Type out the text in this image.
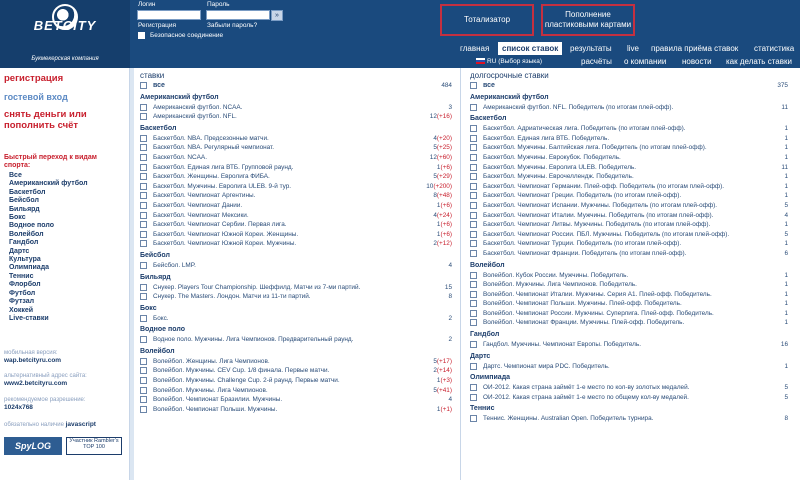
BETCITY
Букмекерская компания
Логин	Пароль
»
Регистрация	Забыли пароль?
Безопасное соединение
Тотализатор
Пополнение пластиковыми картами
главная	список ставок	результаты live правила приёма ставок статистика
RU (Выбор языка)	расчёты о компании новости как делать ставки
регистрация
гостевой вход
снять деньги или пополнить счёт
Быстрый переход к видам спорта:
Все
Американский футбол
Баскетбол
Бейсбол
Бильярд
Бокс
Водное поло
Волейбол
Гандбол
Дартс
Культура
Олимпиада
Теннис
Флорбол
Футбол
Футзал
Хоккей
Live-ставки
мобильная версия:
wap.betcityru.com
альтернативный адрес сайта:
www2.betcityru.com
рекомендуемое разрешение:
1024x768
обязательно наличие javascript
SpyLOG	Участник Rambler's TOP 100
ставки
все	484
Американский футбол
Американский футбол. NCAA.	3
Американский футбол. NFL.	12(+16)
Баскетбол
Баскетбол. NBA. Предсезонные матчи.	4(+20)
Баскетбол. NBA. Регулярный чемпионат.	5(+25)
Баскетбол. NCAA.	12(+60)
Баскетбол. Единая лига ВТБ. Групповой раунд.	1(+6)
Баскетбол. Женщины. Евролига ФИБА.	5(+29)
Баскетбол. Мужчины. Евролига ULEB. 9-й тур.	10(+200)
Баскетбол. Чемпионат Аргентины.	8(+48)
Баскетбол. Чемпионат Дании.	1(+6)
Баскетбол. Чемпионат Мексики.	4(+24)
Баскетбол. Чемпионат Сербии. Первая лига.	1(+6)
Баскетбол. Чемпионат Южной Кореи. Женщины.	1(+6)
Баскетбол. Чемпионат Южной Кореи. Мужчины.	2(+12)
Бейсбол
Бейсбол. LMP.	4
Бильярд
Снукер. Players Tour Championship. Шеффилд. Матчи из 7-ми партий.	15
Снукер. The Masters. Лондон. Матчи из 11-ти партий.	8
Бокс
Бокс.	2
Водное поло
Водное поло. Мужчины. Лига Чемпионов. Предварительный раунд.	2
Волейбол
Волейбол. Женщины. Лига Чемпионов.	5(+17)
Волейбол. Мужчины. CEV Cup. 1/8 финала. Первые матчи.	2(+14)
Волейбол. Мужчины. Challenge Cup. 2-й раунд. Первые матчи.	1(+3)
Волейбол. Мужчины. Лига Чемпионов.	5(+41)
Волейбол. Чемпионат Бразилии. Мужчины.	4
Волейбол. Чемпионат Польши. Мужчины.	1(+1)
долгосрочные ставки
все	375
Американский футбол
Американский футбол. NFL. Победитель (по итогам плей-офф).	11
Баскетбол
Баскетбол. Адриатическая лига. Победитель (по итогам плей-офф).	1
Баскетбол. Единая лига ВТБ. Победитель.	1
Баскетбол. Мужчины. Балтийская лига. Победитель (по итогам плей-офф).	1
Баскетбол. Мужчины. Еврокубок. Победитель.	1
Баскетбол. Мужчины. Евролига ULEB. Победитель.	11
Баскетбол. Мужчины. Еврочеллендж. Победитель.	1
Баскетбол. Чемпионат Германии. Плей-офф. Победитель (по итогам плей-офф).	1
Баскетбол. Чемпионат Греции. Победитель (по итогам плей-офф).	1
Баскетбол. Чемпионат Испании. Мужчины. Победитель (по итогам плей-офф).	5
Баскетбол. Чемпионат Италии. Мужчины. Победитель (по итогам плей-офф).	4
Баскетбол. Чемпионат Литвы. Мужчины. Победитель (по итогам плей-офф).	1
Баскетбол. Чемпионат России. ПБЛ. Мужчины. Победитель (по итогам плей-офф).	5
Баскетбол. Чемпионат Турции. Победитель (по итогам плей-офф).	1
Баскетбол. Чемпионат Франции. Победитель (по итогам плей-офф).	6
Волейбол
Волейбол. Кубок России. Мужчины. Победитель.	1
Волейбол. Мужчины. Лига Чемпионов. Победитель.	1
Волейбол. Чемпионат Италии. Мужчины. Серия А1. Плей-офф. Победитель.	1
Волейбол. Чемпионат Польши. Мужчины. Плей-офф. Победитель.	1
Волейбол. Чемпионат России. Мужчины. Суперлига. Плей-офф. Победитель.	1
Волейбол. Чемпионат Франции. Мужчины. Плей-офф. Победитель.	1
Гандбол
Гандбол. Мужчины. Чемпионат Европы. Победитель.	16
Дартс
Дартс. Чемпионат мира PDC. Победитель.	1
Олимпиада
ОИ-2012. Какая страна займёт 1-е место по кол-ву золотых медалей.	5
ОИ-2012. Какая страна займёт 1-е место по общему кол-ву медалей.	5
Теннис
Теннис. Женщины. Australian Open. Победитель турнира.	8
